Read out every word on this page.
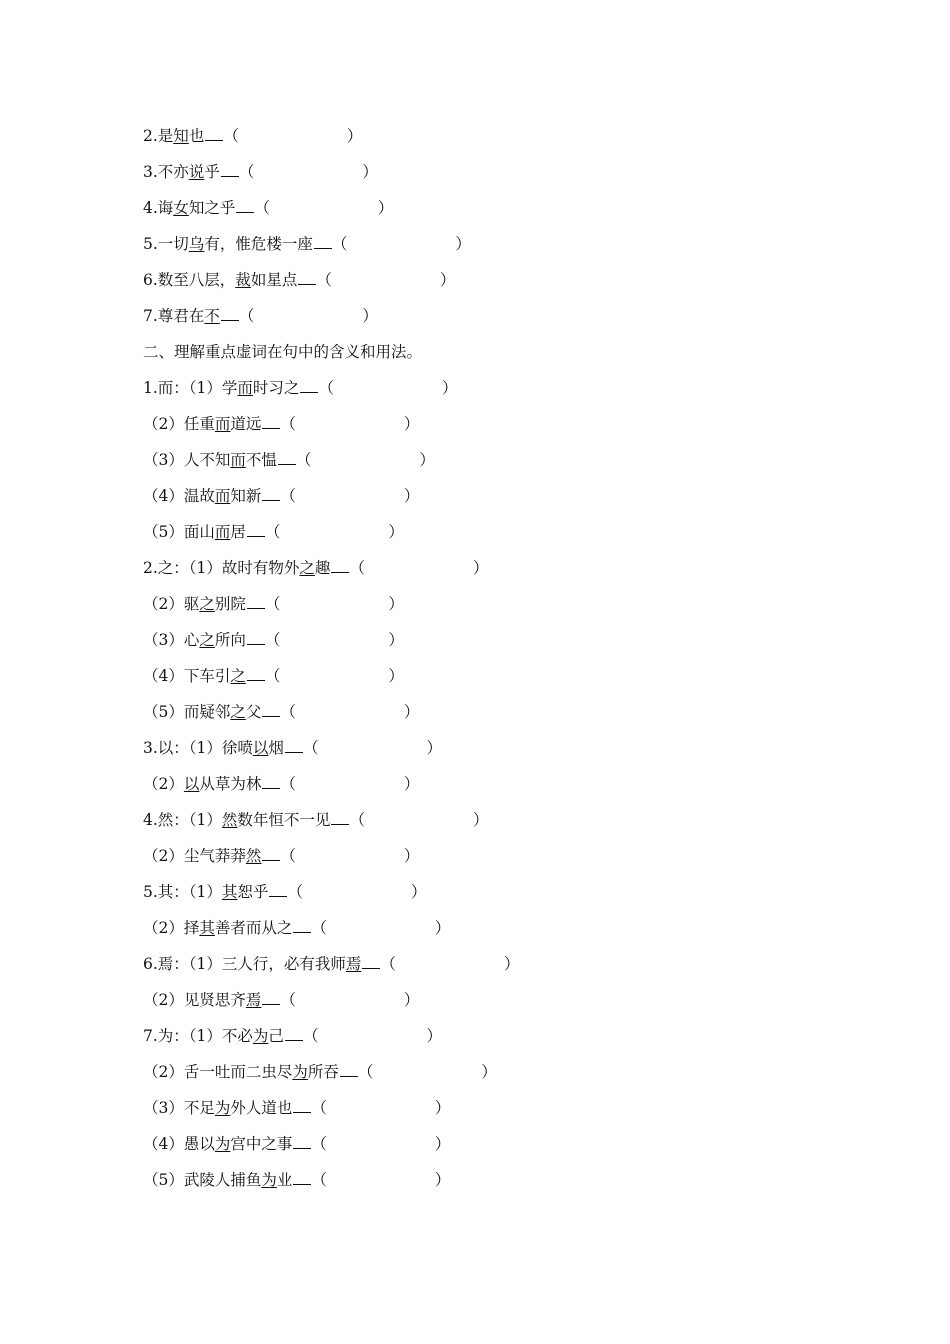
2.是知也 （	）
3.不亦说乎 （	）
4.诲女知之乎 （	）
5.一切乌有，惟危楼一座 （	）
6.数至八层，裁如星点 （	）
7.尊君在不 （	）
二、理解重点虚词在句中的含义和用法。
1.而：（1）学而时习之 （	）
（2）任重而道远 （	）
（3）人不知而不愠 （	）
（4）温故而知新 （	）
（5）面山而居 （	）
2.之：（1）故时有物外之趣 （	）
（2）驱之别院 （	）
（3）心之所向 （	）
（4）下车引之 （	）
（5）而疑邻之父 （	）
3.以：（1）徐喷以烟 （	）
（2）以从草为林 （	）
4.然：（1）然数年恒不一见 （	）
（2）尘气莽莽然 （	）
5.其：（1）其恕乎 （	）
（2）择其善者而从之 （	）
6.焉：（1）三人行，必有我师焉 （	）
（2）见贤思齐焉 （	）
7.为：（1）不必为己 （	）
（2）舌一吐而二虫尽为所吞 （	）
（3）不足为外人道也 （	）
（4）愚以为宫中之事 （	）
（5）武陵人捕鱼为业 （	）
